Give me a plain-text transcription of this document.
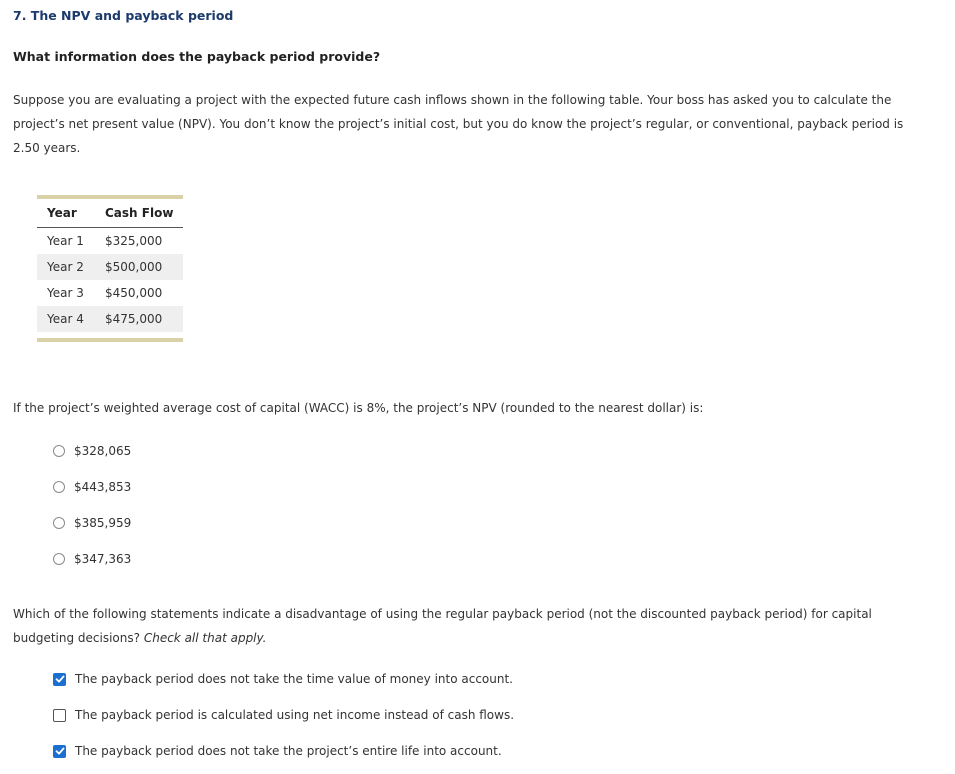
7. The NPV and payback period
What information does the payback period provide?
Suppose you are evaluating a project with the expected future cash inflows shown in the following table. Your boss has asked you to calculate the project’s net present value (NPV). You don’t know the project’s initial cost, but you do know the project’s regular, or conventional, payback period is 2.50 years.
Year	Cash Flow
Year 1	$325,000
Year 2	$500,000
Year 3	$450,000
Year 4	$475,000
If the project’s weighted average cost of capital (WACC) is 8%, the project’s NPV (rounded to the nearest dollar) is:
$328,065
$443,853
$385,959
$347,363
Which of the following statements indicate a disadvantage of using the regular payback period (not the discounted payback period) for capital budgeting decisions? Check all that apply.
The payback period does not take the time value of money into account.
The payback period is calculated using net income instead of cash flows.
The payback period does not take the project’s entire life into account.
